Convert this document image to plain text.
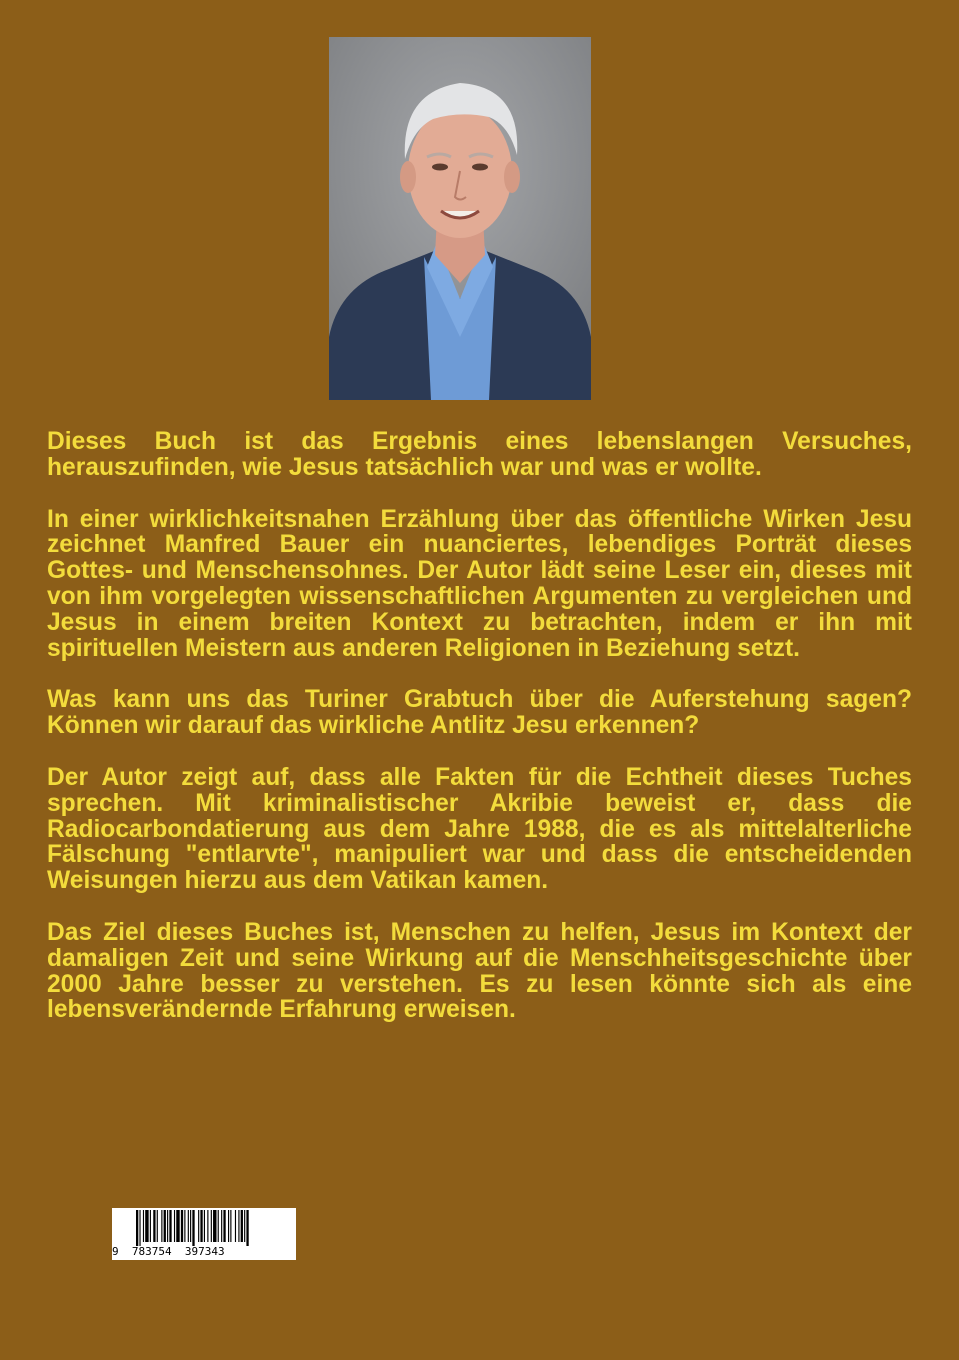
Dieses Buch ist das Ergebnis eines lebenslangen Versuches, herauszufinden, wie Jesus tatsächlich war und was er wollte.

In einer wirklichkeitsnahen Erzählung über das öffentliche Wirken Jesu zeichnet Manfred Bauer ein nuanciertes, lebendiges Porträt dieses Gottes- und Menschensohnes. Der Autor lädt seine Leser ein, dieses mit von ihm vorgelegten wissenschaftlichen Argumenten zu vergleichen und Jesus in einem breiten Kontext zu betrachten, indem er ihn mit spirituellen Meistern aus anderen Religionen in Beziehung setzt.

Was kann uns das Turiner Grabtuch über die Auferstehung sagen? Können wir darauf das wirkliche Antlitz Jesu erkennen?

Der Autor zeigt auf, dass alle Fakten für die Echtheit dieses Tuches sprechen. Mit kriminalistischer Akribie beweist er, dass die Radiocarbondatierung aus dem Jahre 1988, die es als mittelalterliche Fälschung "entlarvte", manipuliert war und dass die entscheidenden Weisungen hierzu aus dem Vatikan kamen.

Das Ziel dieses Buches ist, Menschen zu helfen, Jesus im Kontext der damaligen Zeit und seine Wirkung auf die Menschheitsgeschichte über 2000 Jahre besser zu verstehen. Es zu lesen könnte sich als eine lebensverändernde Erfahrung erweisen.

9  783754  397343
